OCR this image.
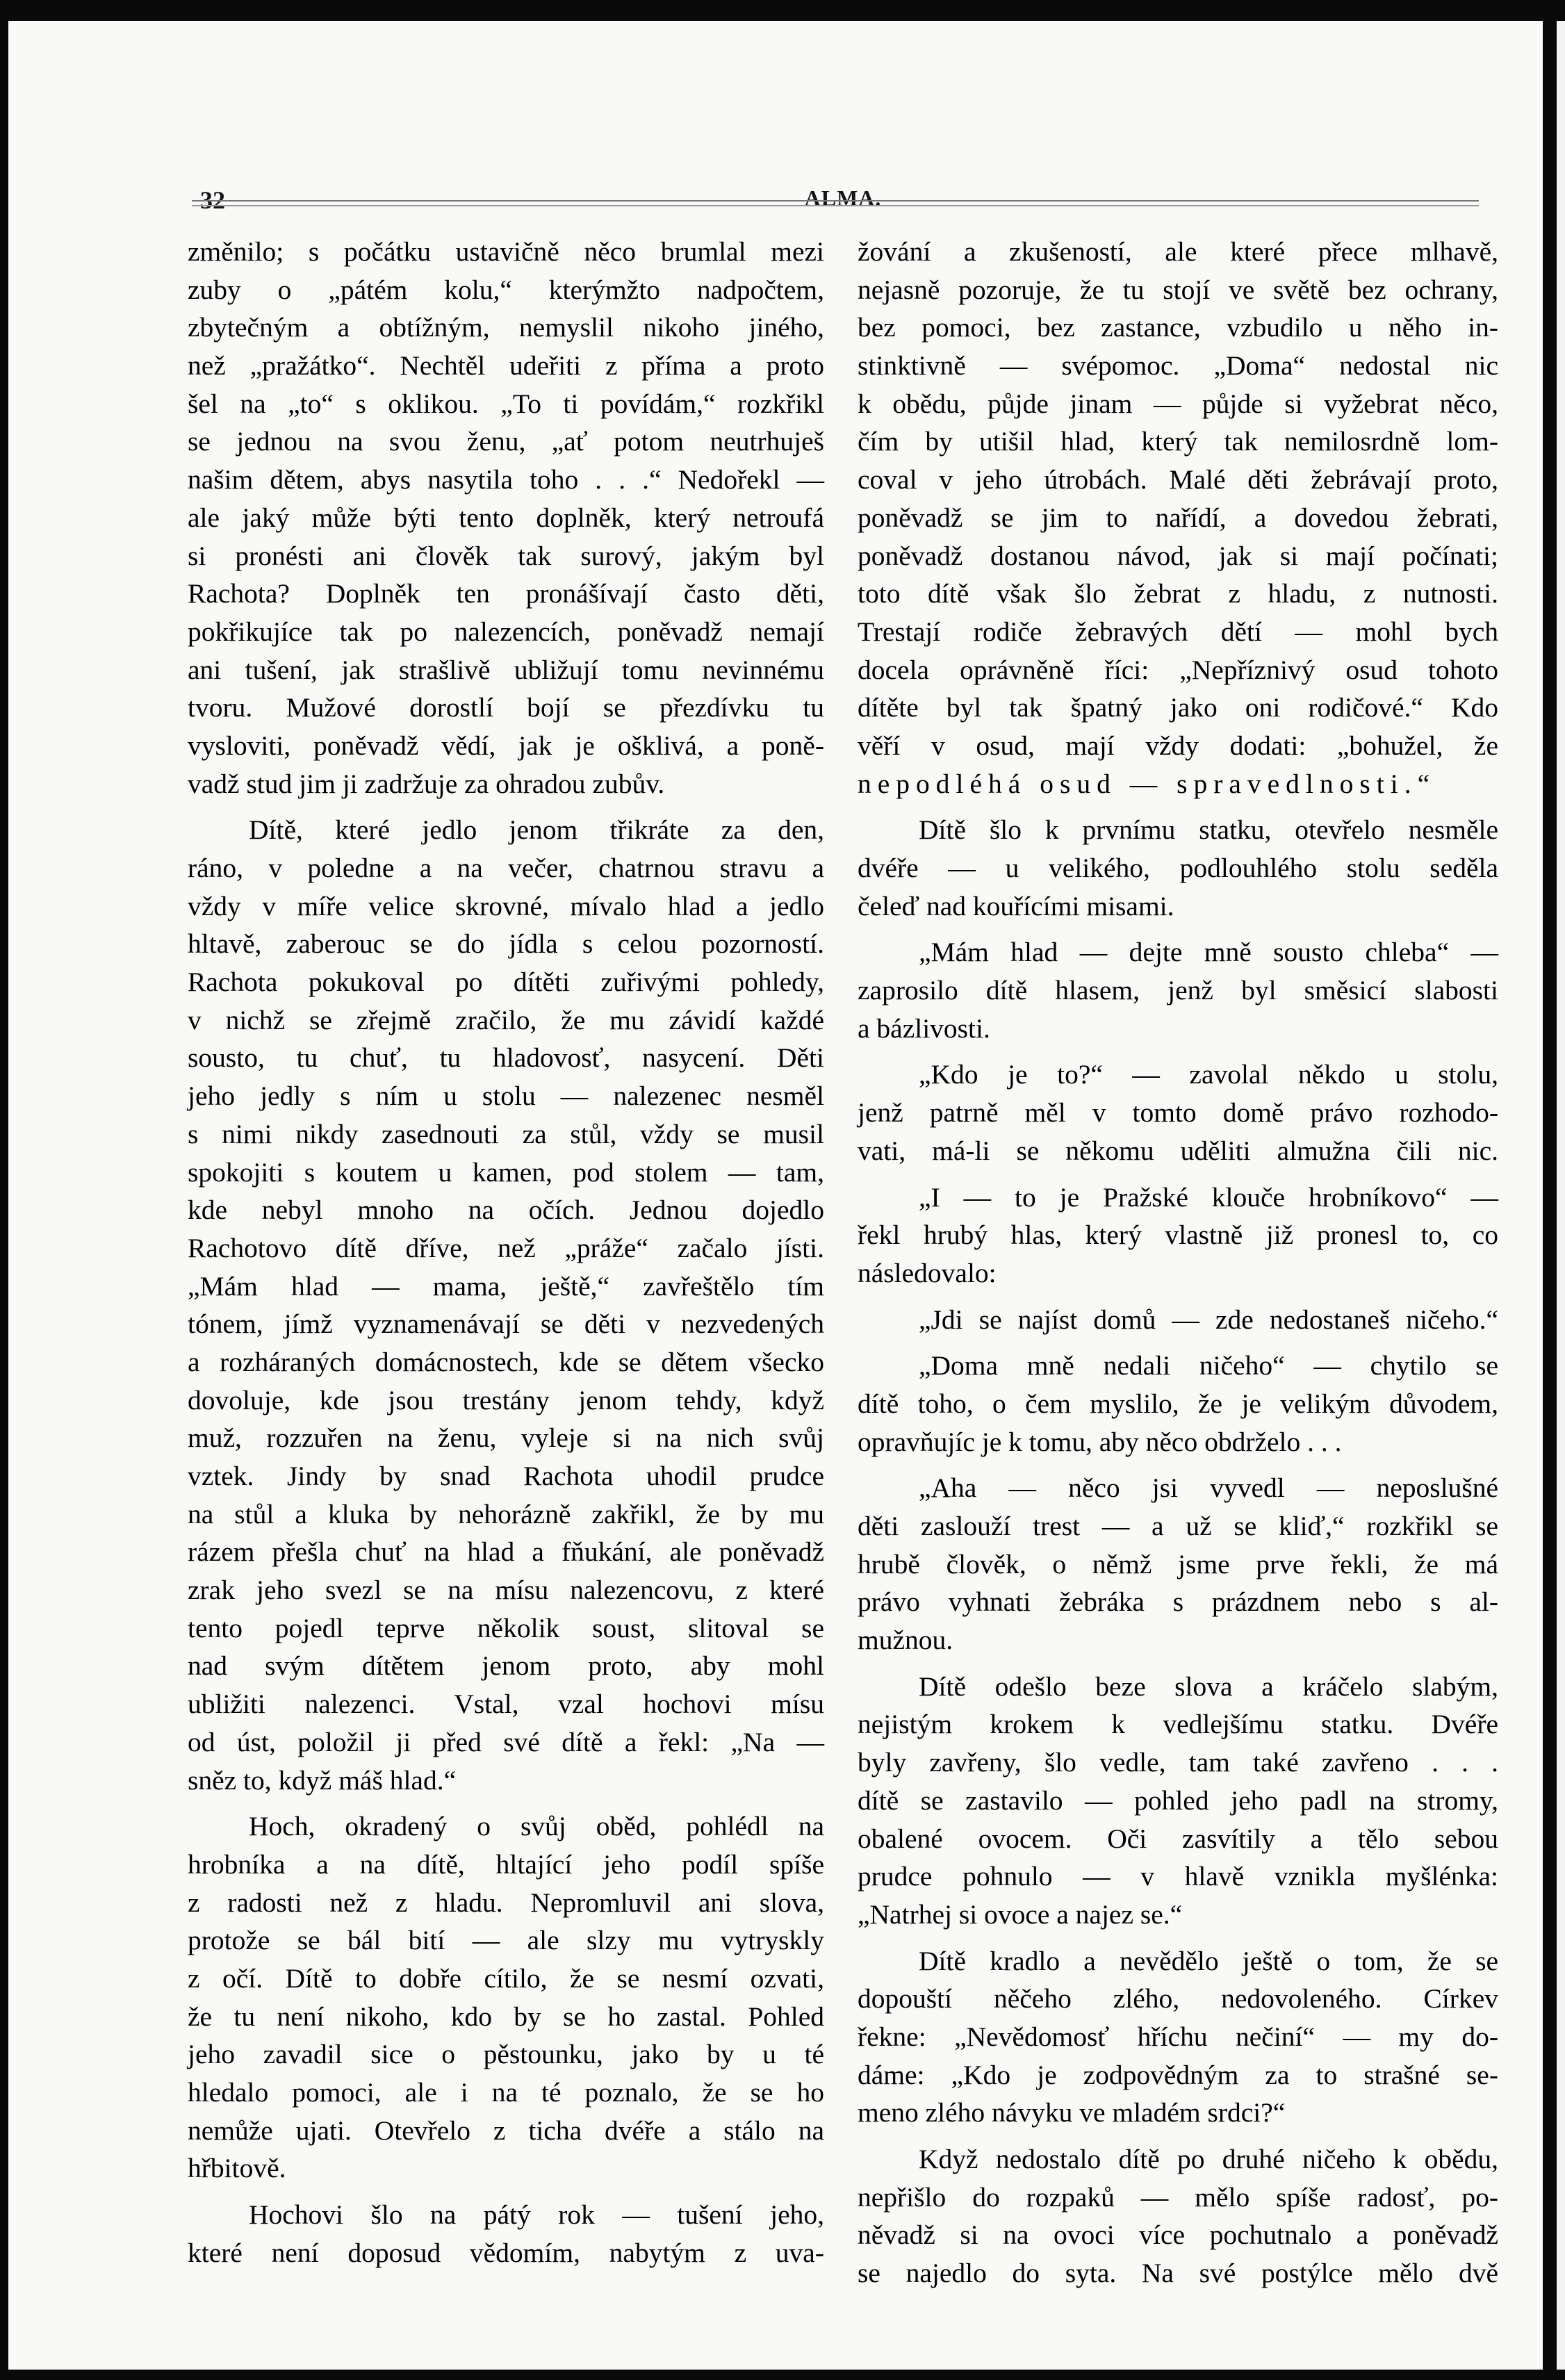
32	ALMA.
změnilo; s počátku ustavičně něco brumlal mezi
zuby o „pátém kolu,“ kterýmžto nadpočtem,
zbytečným a obtížným, nemyslil nikoho jiného,
než „pražátko“. Nechtěl udeřiti z příma a proto
šel na „to“ s oklikou. „To ti povídám,“ rozkřikl
se jednou na svou ženu, „ať potom neutrhuješ
našim dětem, abys nasytila toho . . .“ Nedořekl —
ale jaký může býti tento doplněk, který netroufá
si pronésti ani člověk tak surový, jakým byl
Rachota? Doplněk ten pronášívají často děti,
pokřikujíce tak po nalezencích, poněvadž nemají
ani tušení, jak strašlivě ubližují tomu nevinnému
tvoru. Mužové dorostlí bojí se přezdívku tu
vysloviti, poněvadž vědí, jak je ošklivá, a poně-
vadž stud jim ji zadržuje za ohradou zubův.
Dítě, které jedlo jenom třikráte za den,
ráno, v poledne a na večer, chatrnou stravu a
vždy v míře velice skrovné, mívalo hlad a jedlo
hltavě, zaberouc se do jídla s celou pozorností.
Rachota pokukoval po dítěti zuřivými pohledy,
v nichž se zřejmě zračilo, že mu závidí každé
sousto, tu chuť, tu hladovosť, nasycení. Děti
jeho jedly s ním u stolu — nalezenec nesměl
s nimi nikdy zasednouti za stůl, vždy se musil
spokojiti s koutem u kamen, pod stolem — tam,
kde nebyl mnoho na očích. Jednou dojedlo
Rachotovo dítě dříve, než „práže“ začalo jísti.
„Mám hlad — mama, ještě,“ zavřeštělo tím
tónem, jímž vyznamenávají se děti v nezvedených
a rozháraných domácnostech, kde se dětem všecko
dovoluje, kde jsou trestány jenom tehdy, když
muž, rozzuřen na ženu, vyleje si na nich svůj
vztek. Jindy by snad Rachota uhodil prudce
na stůl a kluka by nehorázně zakřikl, že by mu
rázem přešla chuť na hlad a fňukání, ale poněvadž
zrak jeho svezl se na mísu nalezencovu, z které
tento pojedl teprve několik soust, slitoval se
nad svým dítětem jenom proto, aby mohl
ubližiti nalezenci. Vstal, vzal hochovi mísu
od úst, položil ji před své dítě a řekl: „Na —
sněz to, když máš hlad.“
Hoch, okradený o svůj oběd, pohlédl na
hrobníka a na dítě, hltající jeho podíl spíše
z radosti než z hladu. Nepromluvil ani slova,
protože se bál bití — ale slzy mu vytryskly
z očí. Dítě to dobře cítilo, že se nesmí ozvati,
že tu není nikoho, kdo by se ho zastal. Pohled
jeho zavadil sice o pěstounku, jako by u té
hledalo pomoci, ale i na té poznalo, že se ho
nemůže ujati. Otevřelo z ticha dvéře a stálo na
hřbitově.
Hochovi šlo na pátý rok — tušení jeho,
které není doposud vědomím, nabytým z uva-
žování a zkušeností, ale které přece mlhavě,
nejasně pozoruje, že tu stojí ve světě bez ochrany,
bez pomoci, bez zastance, vzbudilo u něho in-
stinktivně — svépomoc. „Doma“ nedostal nic
k obědu, půjde jinam — půjde si vyžebrat něco,
čím by utišil hlad, který tak nemilosrdně lom-
coval v jeho útrobách. Malé děti žebrávají proto,
poněvadž se jim to nařídí, a dovedou žebrati,
poněvadž dostanou návod, jak si mají počínati;
toto dítě však šlo žebrat z hladu, z nutnosti.
Trestají rodiče žebravých dětí — mohl bych
docela oprávněně říci: „Nepříznivý osud tohoto
dítěte byl tak špatný jako oni rodičové.“ Kdo
věří v osud, mají vždy dodati: „bohužel, že
nepodléhá osud — spravedlnosti.“
Dítě šlo k prvnímu statku, otevřelo nesměle
dvéře — u velikého, podlouhlého stolu seděla
čeleď nad kouřícími misami.
„Mám hlad — dejte mně sousto chleba“ —
zaprosilo dítě hlasem, jenž byl směsicí slabosti
a bázlivosti.
„Kdo je to?“ — zavolal někdo u stolu,
jenž patrně měl v tomto domě právo rozhodo-
vati, má-li se někomu uděliti almužna čili nic.
„I — to je Pražské klouče hrobníkovo“ —
řekl hrubý hlas, který vlastně již pronesl to, co
následovalo:
„Jdi se najíst domů — zde nedostaneš ničeho.“
„Doma mně nedali ničeho“ — chytilo se
dítě toho, o čem myslilo, že je velikým důvodem,
opravňujíc je k tomu, aby něco obdrželo . . .
„Aha — něco jsi vyvedl — neposlušné
děti zaslouží trest — a už se kliď,“ rozkřikl se
hrubě člověk, o němž jsme prve řekli, že má
právo vyhnati žebráka s prázdnem nebo s al-
mužnou.
Dítě odešlo beze slova a kráčelo slabým,
nejistým krokem k vedlejšímu statku. Dvéře
byly zavřeny, šlo vedle, tam také zavřeno . . .
dítě se zastavilo — pohled jeho padl na stromy,
obalené ovocem. Oči zasvítily a tělo sebou
prudce pohnulo — v hlavě vznikla myšlénka:
„Natrhej si ovoce a najez se.“
Dítě kradlo a nevědělo ještě o tom, že se
dopouští něčeho zlého, nedovoleného. Církev
řekne: „Nevědomosť hříchu nečiní“ — my do-
dáme: „Kdo je zodpovědným za to strašné se-
meno zlého návyku ve mladém srdci?“
Když nedostalo dítě po druhé ničeho k obědu,
nepřišlo do rozpaků — mělo spíše radosť, po-
něvadž si na ovoci více pochutnalo a poněvadž
se najedlo do syta. Na své postýlce mělo dvě
